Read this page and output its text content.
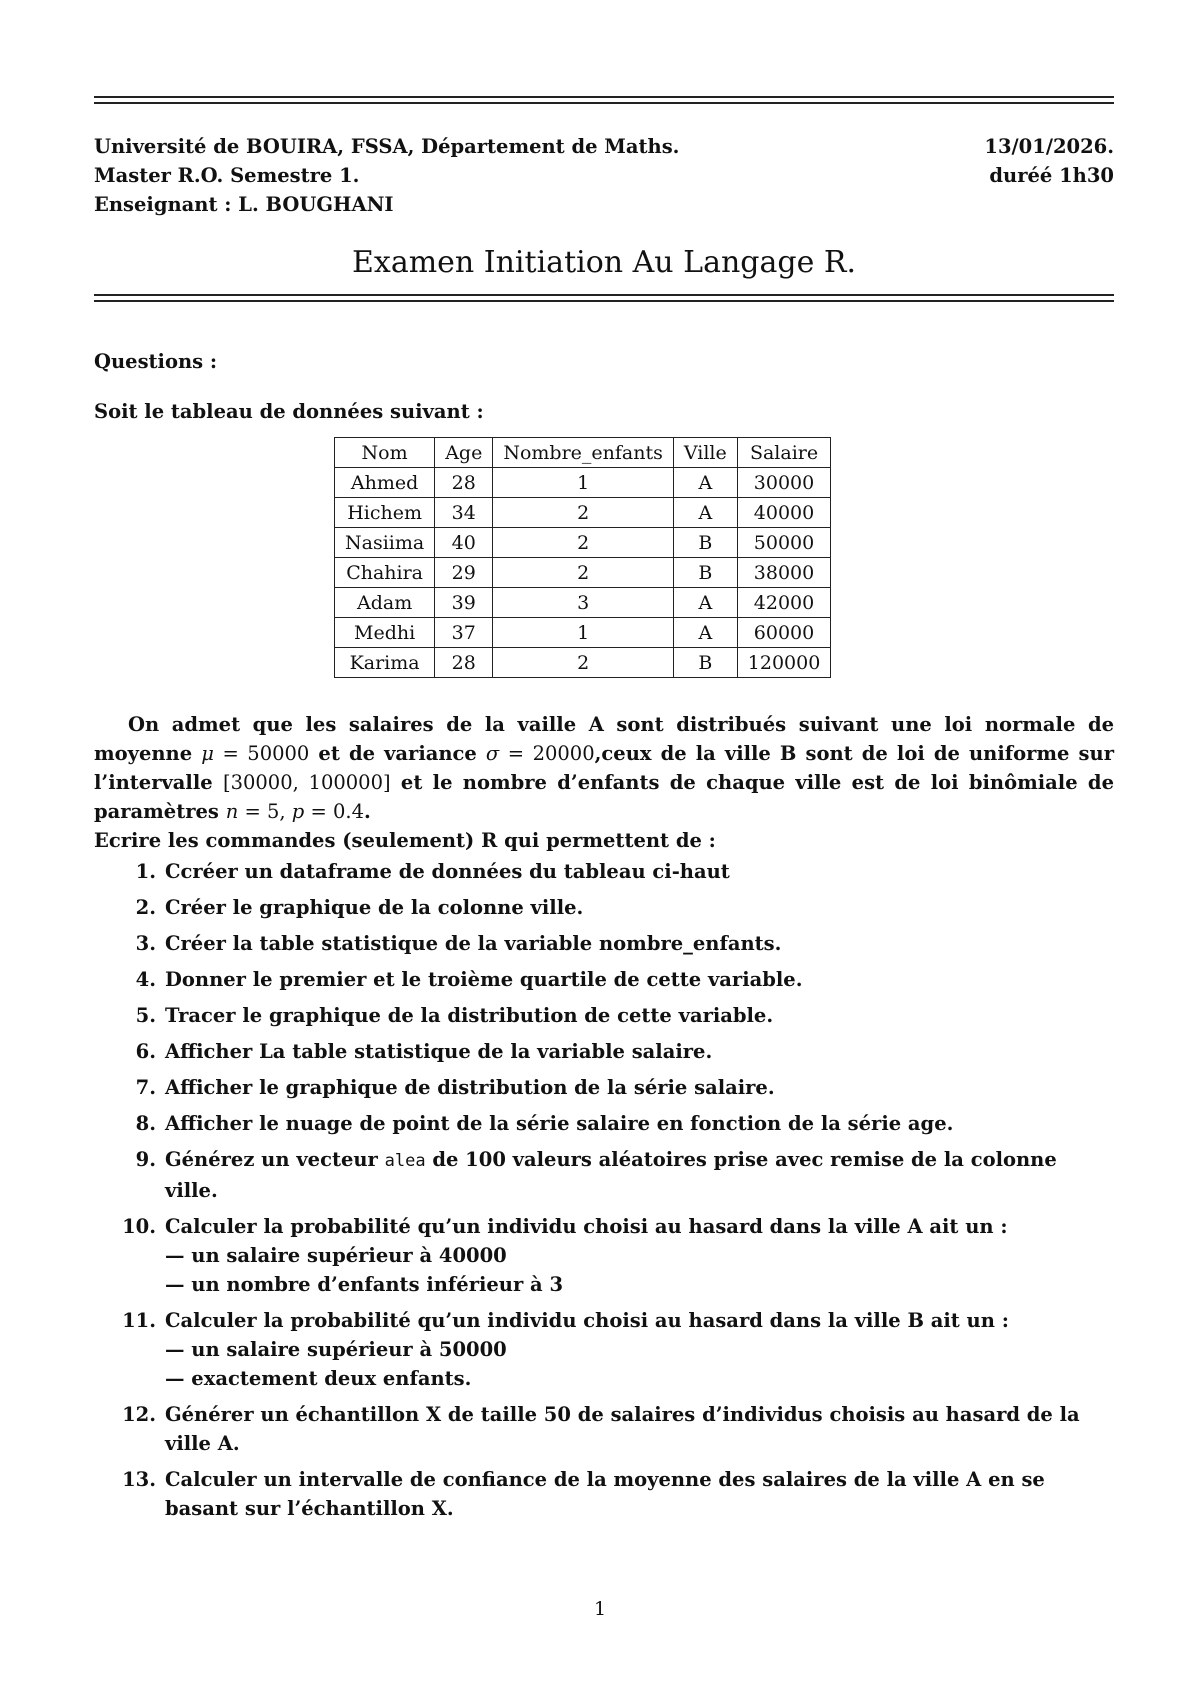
Université de BOUIRA, FSSA, Département de Maths.
Master R.O. Semestre 1.
Enseignant : L. BOUGHANI
13/01/2026.
duréé 1h30
Examen Initiation Au Langage R.
Questions :
Soit le tableau de données suivant :
Nom	Age	Nombre_enfants	Ville	Salaire
Ahmed	28	1	A	30000
Hichem	34	2	A	40000
Nasiima	40	2	B	50000
Chahira	29	2	B	38000
Adam	39	3	A	42000
Medhi	37	1	A	60000
Karima	28	2	B	120000
On admet que les salaires de la vaille A sont distribués suivant une loi normale de moyenne μ = 50000 et de variance σ = 20000,ceux de la ville B sont de loi de uniforme sur l’intervalle [30000, 100000] et le nombre d’enfants de chaque ville est de loi binômiale de paramètres n = 5, p = 0.4.
Ecrire les commandes (seulement) R qui permettent de :
1. Ccréer un dataframe de données du tableau ci-haut
2. Créer le graphique de la colonne ville.
3. Créer la table statistique de la variable nombre_enfants.
4. Donner le premier et le troièmе quartile de cette variable.
5. Tracer le graphique de la distribution de cette variable.
6. Afficher La table statistique de la variable salaire.
7. Afficher le graphique de distribution de la série salaire.
8. Afficher le nuage de point de la série salaire en fonction de la série age.
9. Générez un vecteur alea de 100 valeurs aléatoires prise avec remise de la colonne ville.
10. Calculer la probabilité qu’un individu choisi au hasard dans la ville A ait un :
— un salaire supérieur à 40000
— un nombre d’enfants inférieur à 3
11. Calculer la probabilité qu’un individu choisi au hasard dans la ville B ait un :
— un salaire supérieur à 50000
— exactement deux enfants.
12. Générer un échantillon X de taille 50 de salaires d’individus choisis au hasard de la ville A.
13. Calculer un intervalle de confiance de la moyenne des salaires de la ville A en se basant sur l’échantillon X.
1
